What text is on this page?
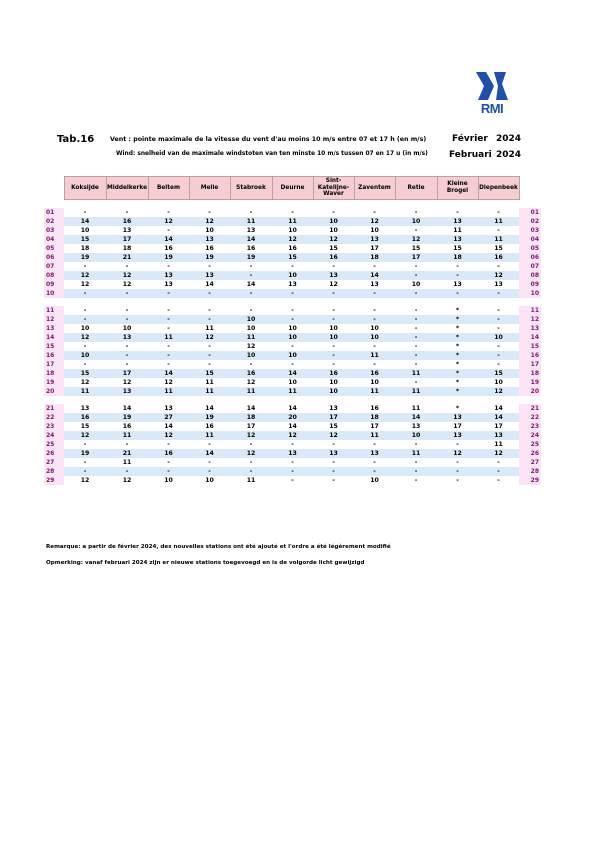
RMI
Tab.16	Vent : pointe maximale de la vitesse du vent d'au moins 10 m/s entre 07 et 17 h (en m/s)
Wind: snelheid van de maximale windstoten van ten minste 10 m/s tussen 07 en 17 u (in m/s)
Février 2024
Februari 2024
	Koksijde	Middelkerke	Beitem	Melle	Stabroek	Deurne	Sint-Katelijne-Waver	Zaventem	Retie	Kleine Brogel	Diepenbeek	

01	-	-	-	-	-	-	-	-	-	-	-	01
02	14	16	12	12	11	11	10	12	10	13	11	02
03	10	13	-	10	13	10	10	10	-	11	-	03
04	15	17	14	13	14	12	12	13	12	13	11	04
05	18	18	16	16	16	16	15	17	15	15	15	05
06	19	21	19	19	19	15	16	18	17	18	16	06
07	-	-	-	-	-	-	-	-	-	-	-	07
08	12	12	13	13	-	10	13	14	-	-	12	08
09	12	12	13	14	14	13	12	13	10	13	13	09
10	-	-	-	-	-	-	-	-	-	-	-	10

11	-	-	-	-	-	-	-	-	-	*	-	11
12	-	-	-	-	10	-	-	-	-	*	-	12
13	10	10	-	11	10	10	10	10	-	*	-	13
14	12	13	11	12	11	10	10	10	-	*	10	14
15	-	-	-	-	12	-	-	-	-	*	-	15
16	10	-	-	-	10	10	-	11	-	*	-	16
17	-	-	-	-	-	-	-	-	-	*	-	17
18	15	17	14	15	16	14	16	16	11	*	15	18
19	12	12	12	11	12	10	10	10	-	*	10	19
20	11	13	11	11	11	11	10	11	11	*	12	20

21	13	14	13	14	14	14	13	16	11	*	14	21
22	16	19	27	19	18	20	17	18	14	13	14	22
23	15	16	14	16	17	14	15	17	13	17	17	23
24	12	11	12	11	12	12	12	11	10	13	13	24
25	-	-	-	-	-	-	-	-	-	-	11	25
26	19	21	16	14	12	13	13	13	11	12	12	26
27	-	11	-	-	-	-	-	-	-	-	-	27
28	-	-	-	-	-	-	-	-	-	-	-	28
29	12	12	10	10	11	-	-	10	-	-	-	29
Remarque: a partir de février 2024, des nouvelles stations ont été ajouté et l'ordre a été légèrement modifié
Opmerking: vanaf februari 2024 zijn er nieuwe stations toegevoegd en is de volgorde licht gewijzigd
